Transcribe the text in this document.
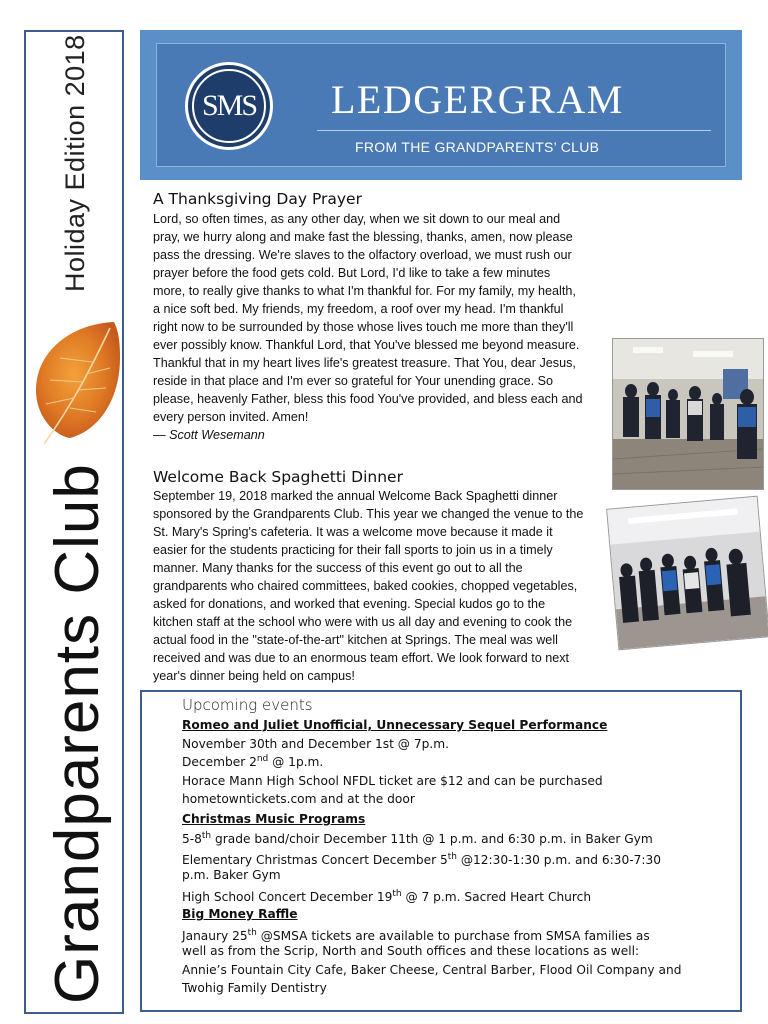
Holiday Edition 2018
Grandparents Club
SMS LEDGERGRAM
FROM THE GRANDPARENTS’ CLUB
A Thanksgiving Day Prayer
Lord, so often times, as any other day, when we sit down to our meal and
pray, we hurry along and make fast the blessing, thanks, amen, now please
pass the dressing. We're slaves to the olfactory overload, we must rush our
prayer before the food gets cold. But Lord, I'd like to take a few minutes
more, to really give thanks to what I'm thankful for. For my family, my health,
a nice soft bed. My friends, my freedom, a roof over my head. I'm thankful
right now to be surrounded by those whose lives touch me more than they'll
ever possibly know. Thankful Lord, that You've blessed me beyond measure.
Thankful that in my heart lives life's greatest treasure. That You, dear Jesus,
reside in that place and I'm ever so grateful for Your unending grace. So
please, heavenly Father, bless this food You've provided, and bless each and
every person invited. Amen!
— Scott Wesemann
Welcome Back Spaghetti Dinner
September 19, 2018 marked the annual Welcome Back Spaghetti dinner
sponsored by the Grandparents Club. This year we changed the venue to the
St. Mary's Spring's cafeteria. It was a welcome move because it made it
easier for the students practicing for their fall sports to join us in a timely
manner. Many thanks for the success of this event go out to all the
grandparents who chaired committees, baked cookies, chopped vegetables,
asked for donations, and worked that evening. Special kudos go to the
kitchen staff at the school who were with us all day and evening to cook the
actual food in the "state-of-the-art" kitchen at Springs. The meal was well
received and was due to an enormous team effort. We look forward to next
year's dinner being held on campus!
Upcoming events
Romeo and Juliet Unofficial, Unnecessary Sequel Performance
November 30th and December 1st @ 7p.m.
December 2nd @ 1p.m.
Horace Mann High School NFDL ticket are $12 and can be purchased
hometowntickets.com and at the door
Christmas Music Programs
5-8th grade band/choir December 11th @ 1 p.m. and 6:30 p.m. in Baker Gym
Elementary Christmas Concert December 5th @12:30-1:30 p.m. and 6:30-7:30
p.m. Baker Gym
High School Concert December 19th @ 7 p.m. Sacred Heart Church
Big Money Raffle
Janaury 25th @SMSA tickets are available to purchase from SMSA families as
well as from the Scrip, North and South offices and these locations as well:
Annie’s Fountain City Cafe, Baker Cheese, Central Barber, Flood Oil Company and
Twohig Family Dentistry
